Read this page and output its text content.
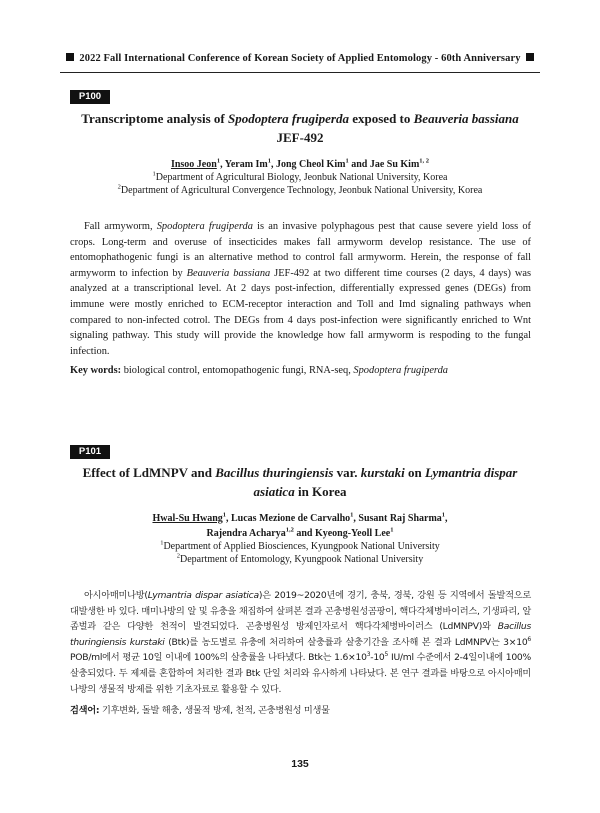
2022 Fall International Conference of Korean Society of Applied Entomology - 60th Anniversary
P100
Transcriptome analysis of Spodoptera frugiperda exposed to Beauveria bassiana
JEF-492
Insoo Jeon$^1$, Yeram Im$^1$, Jong Cheol Kim$^1$ and Jae Su Kim$^{1, 2}$
$^1$Department of Agricultural Biology, Jeonbuk National University, Korea
$^2$Department of Agricultural Convergence Technology, Jeonbuk National University, Korea

Fall armyworm, Spodoptera frugiperda is an invasive polyphagous pest that cause severe yield loss of crops. Long-term and overuse of insecticides makes fall armyworm develop resistance. The use of entomophathogenic fungi is an alternative method to control fall armyworm. Herein, the response of fall armyworm to infection by Beauveria bassiana JEF-492 at two different time courses (2 days, 4 days) was analyzed at a transcriptional level. At 2 days post-infection, differentially expressed genes (DEGs) from immune were mostly enriched to ECM-receptor interaction and Toll and Imd signaling pathways when compared to non-infected cotrol. The DEGs from 4 days post-infection were significantly enriched to Wnt signaling pathway. This study will provide the knowledge how fall armyworm is respoding to the fungal infection.

Key words: biological control, entomopathogenic fungi, RNA-seq, Spodoptera frugiperda
P101
Effect of LdMNPV and Bacillus thuringiensis var. kurstaki on Lymantria dispar
asiatica in Korea
Hwal-Su Hwang$^1$, Lucas Mezione de Carvalho$^1$, Susant Raj Sharma$^1$,
Rajendra Acharya$^{1,2}$ and Kyeong-Yeoll Lee$^1$
$^1$Department of Applied Biosciences, Kyungpook National University
$^2$Department of Entomology, Kyungpook National University

아시아매미나방(Lymantria dispar asiatica)은 2019~2020년에 경기, 충북, 경북, 강원 등 지역에서 돌발적으로 대발생한 바 있다. 매미나방의 알 및 유충을 채집하여 살펴본 결과 곤충병원성곰팡이, 핵다각체병바이러스, 기생파리, 알좀벌과 같은 다양한 천적이 발견되었다. 곤충병원성 방제인자로서 핵다각체병바이러스 (LdMNPV)와 Bacillus thuringiensis kurstaki (Btk)를 농도별로 유충에 처리하여 살충률과 살충기간을 조사해 본 결과 LdMNPV는 $3\times 10^6$ POB/ml에서 평균 10일 이내에 100%의 살충률을 나타냈다. Btk는 $1.6\times 10^3-10^5$ IU/ml 수준에서 2-4일이내에 100% 살충되었다. 두 제제를 혼합하여 처리한 결과 Btk 단일 처리와 유사하게 나타났다. 본 연구 결과를 바탕으로 아시아매미나방의 생물적 방제를 위한 기초자료로 활용할 수 있다.

검색어: 기후변화, 돌발 해충, 생물적 방제, 천적, 곤충병원성 미생물
135
